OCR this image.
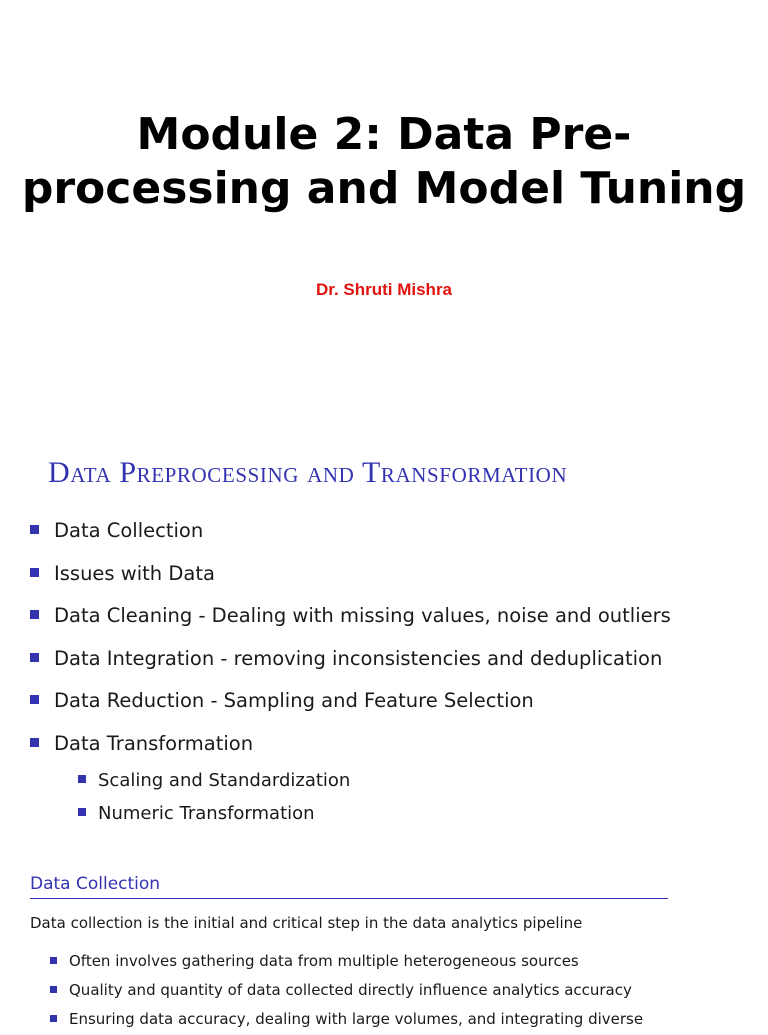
Module 2: Data Pre-
processing and Model Tuning
Dr. Shruti Mishra
Data Preprocessing and Transformation
Data Collection
Issues with Data
Data Cleaning - Dealing with missing values, noise and outliers
Data Integration - removing inconsistencies and deduplication
Data Reduction - Sampling and Feature Selection
Data Transformation
Scaling and Standardization
Numeric Transformation
Data Collection

Data collection is the initial and critical step in the data analytics pipeline

Often involves gathering data from multiple heterogeneous sources
Quality and quantity of data collected directly influence analytics accuracy
Ensuring data accuracy, dealing with large volumes, and integrating diverse
